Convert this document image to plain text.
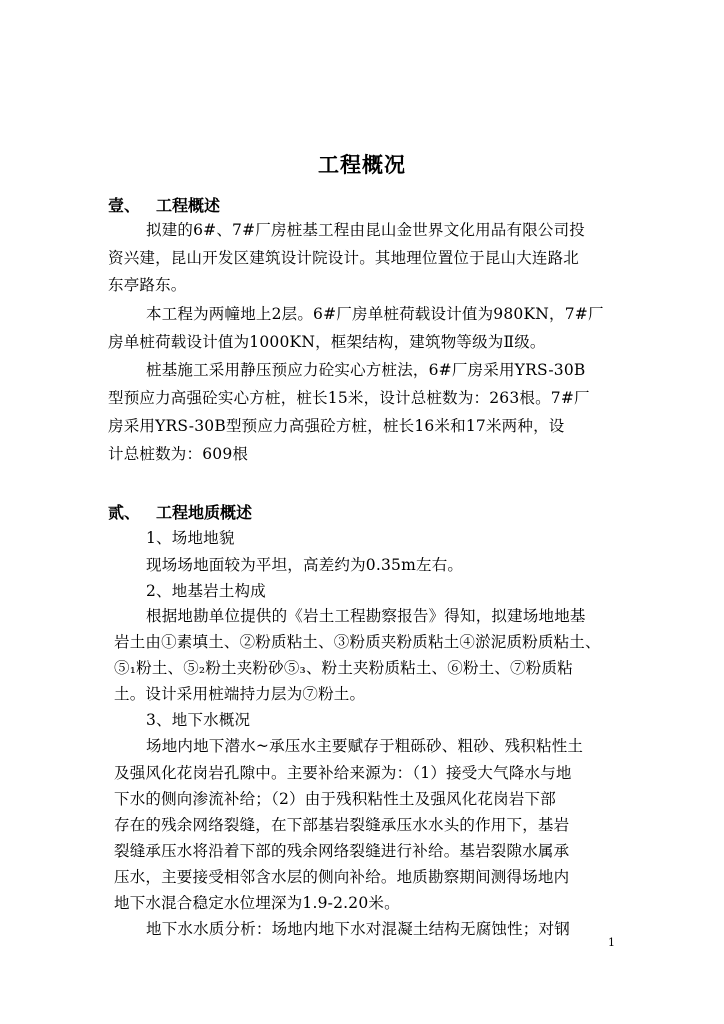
工程概况
壹、 工程概述
拟建的6#、7#厂房桩基工程由昆山金世界文化用品有限公司投
资兴建，昆山开发区建筑设计院设计。其地理位置位于昆山大连路北
东亭路东。
本工程为两幢地上2层。6#厂房单桩荷载设计值为980KN，7#厂
房单桩荷载设计值为1000KN，框架结构，建筑物等级为Ⅱ级。
桩基施工采用静压预应力砼实心方桩法，6#厂房采用YRS-30B
型预应力高强砼实心方桩，桩长15米，设计总桩数为：263根。7#厂
房采用YRS-30B型预应力高强砼方桩，桩长16米和17米两种，设
计总桩数为：609根
贰、 工程地质概述
1、场地地貌
现场场地面较为平坦，高差约为0.35m左右。
2、地基岩土构成
根据地勘单位提供的《岩土工程勘察报告》得知，拟建场地地基
岩土由①素填土、②粉质粘土、③粉质夹粉质粘土④淤泥质粉质粘土、
⑤₁粉土、⑤₂粉土夹粉砂⑤₃、粉土夹粉质粘土、⑥粉土、⑦粉质粘
土。设计采用桩端持力层为⑦粉土。
3、地下水概况
场地内地下潜水~承压水主要赋存于粗砾砂、粗砂、残积粘性土
及强风化花岗岩孔隙中。主要补给来源为：（1）接受大气降水与地
下水的侧向渗流补给；（2）由于残积粘性土及强风化花岗岩下部
存在的残余网络裂缝，在下部基岩裂缝承压水水头的作用下，基岩
裂缝承压水将沿着下部的残余网络裂缝进行补给。基岩裂隙水属承
压水，主要接受相邻含水层的侧向补给。地质勘察期间测得场地内
地下水混合稳定水位埋深为1.9-2.20米。
地下水水质分析：场地内地下水对混凝土结构无腐蚀性；对钢
1
